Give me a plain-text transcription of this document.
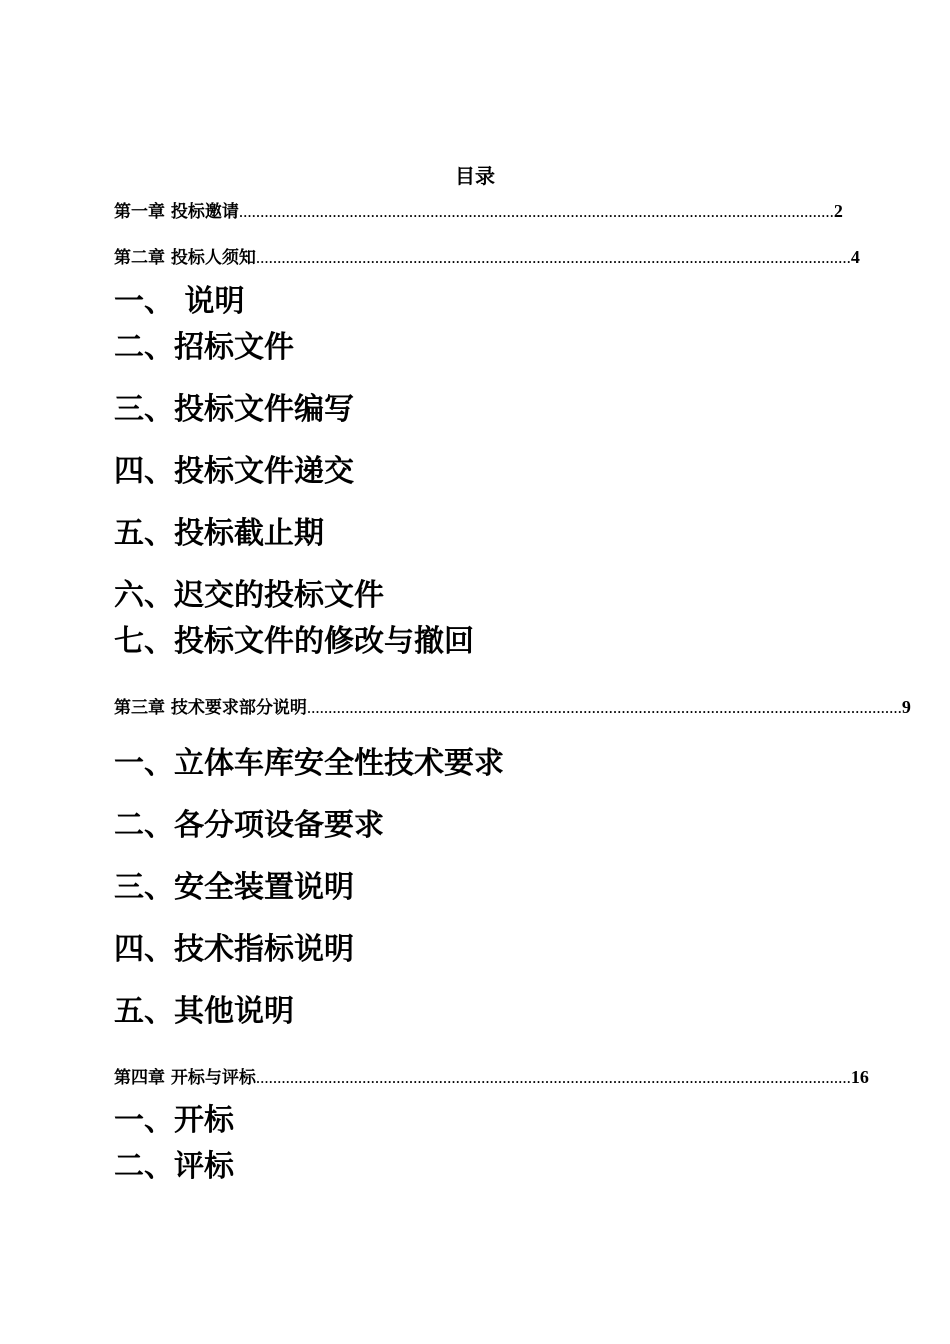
目录
第一章 投标邀请 ............................................................................................................................................ 2
第二章 投标人须知 ............................................................................................................................................ 4
一、 说明
二、招标文件
三、投标文件编写
四、投标文件递交
五、投标截止期
六、迟交的投标文件
七、投标文件的修改与撤回
第三章 技术要求部分说明 ............................................................................................................................................ 9
一、立体车库安全性技术要求
二、各分项设备要求
三、安全装置说明
四、技术指标说明
五、其他说明
第四章 开标与评标 ............................................................................................................................................ 16
一、开标
二、评标
